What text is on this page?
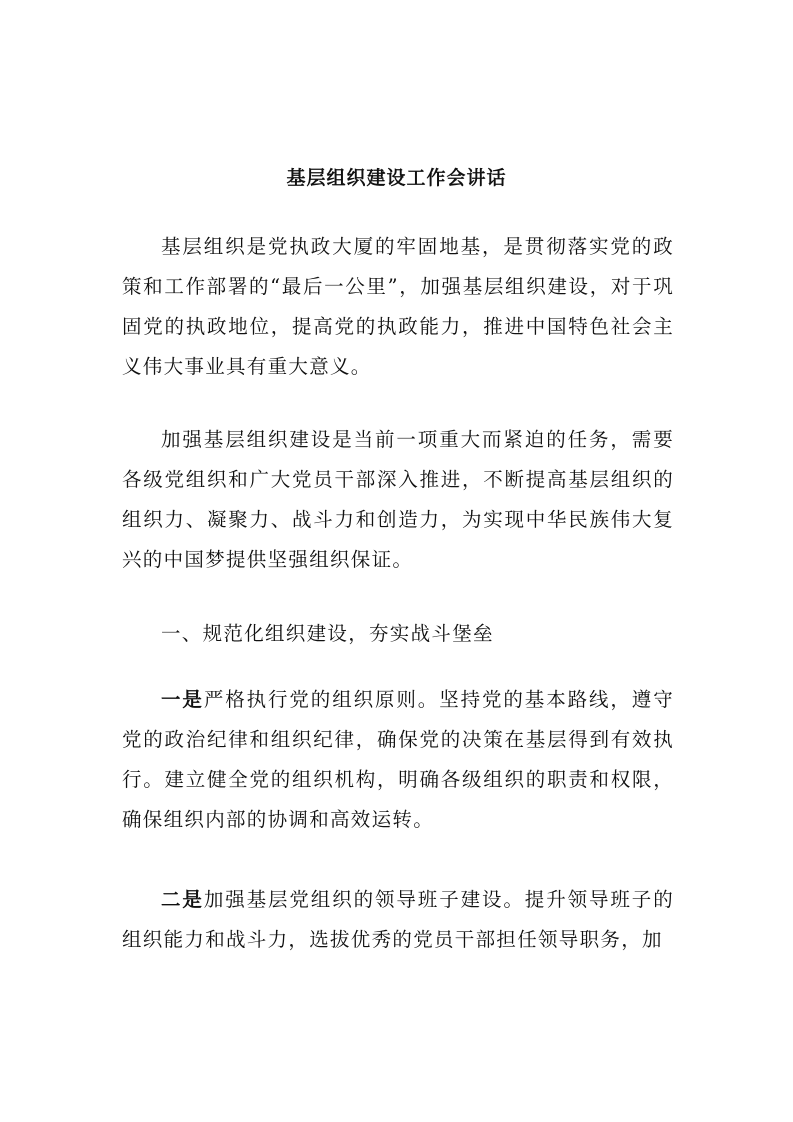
基层组织建设工作会讲话

基层组织是党执政大厦的牢固地基，是贯彻落实党的政策和工作部署的“最后一公里”，加强基层组织建设，对于巩固党的执政地位，提高党的执政能力，推进中国特色社会主义伟大事业具有重大意义。

加强基层组织建设是当前一项重大而紧迫的任务，需要各级党组织和广大党员干部深入推进，不断提高基层组织的组织力、凝聚力、战斗力和创造力，为实现中华民族伟大复兴的中国梦提供坚强组织保证。

一、规范化组织建设，夯实战斗堡垒

一是严格执行党的组织原则。坚持党的基本路线，遵守党的政治纪律和组织纪律，确保党的决策在基层得到有效执行。建立健全党的组织机构，明确各级组织的职责和权限，确保组织内部的协调和高效运转。

二是加强基层党组织的领导班子建设。提升领导班子的组织能力和战斗力，选拔优秀的党员干部担任领导职务，加
